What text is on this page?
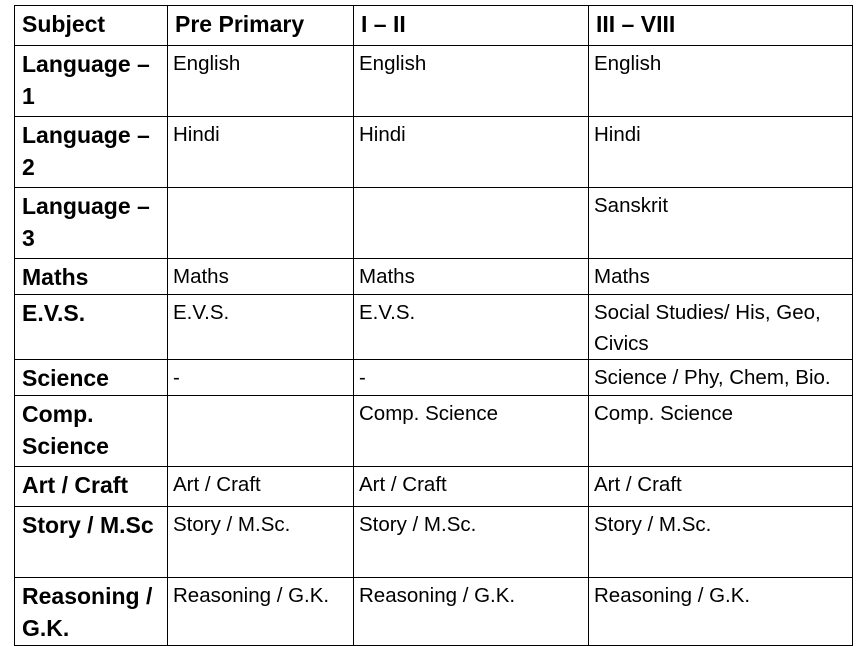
Subject	Pre Primary	I – II	III – VIII
Language – 1	English	English	English
Language – 2	Hindi	Hindi	Hindi
Language – 3			Sanskrit
Maths	Maths	Maths	Maths
E.V.S.	E.V.S.	E.V.S.	Social Studies/ His, Geo, Civics
Science	-	-	Science / Phy, Chem, Bio.
Comp. Science		Comp. Science	Comp. Science
Art / Craft	Art / Craft	Art / Craft	Art / Craft
Story / M.Sc	Story / M.Sc.	Story / M.Sc.	Story / M.Sc.
Reasoning / G.K.	Reasoning / G.K.	Reasoning / G.K.	Reasoning / G.K.
